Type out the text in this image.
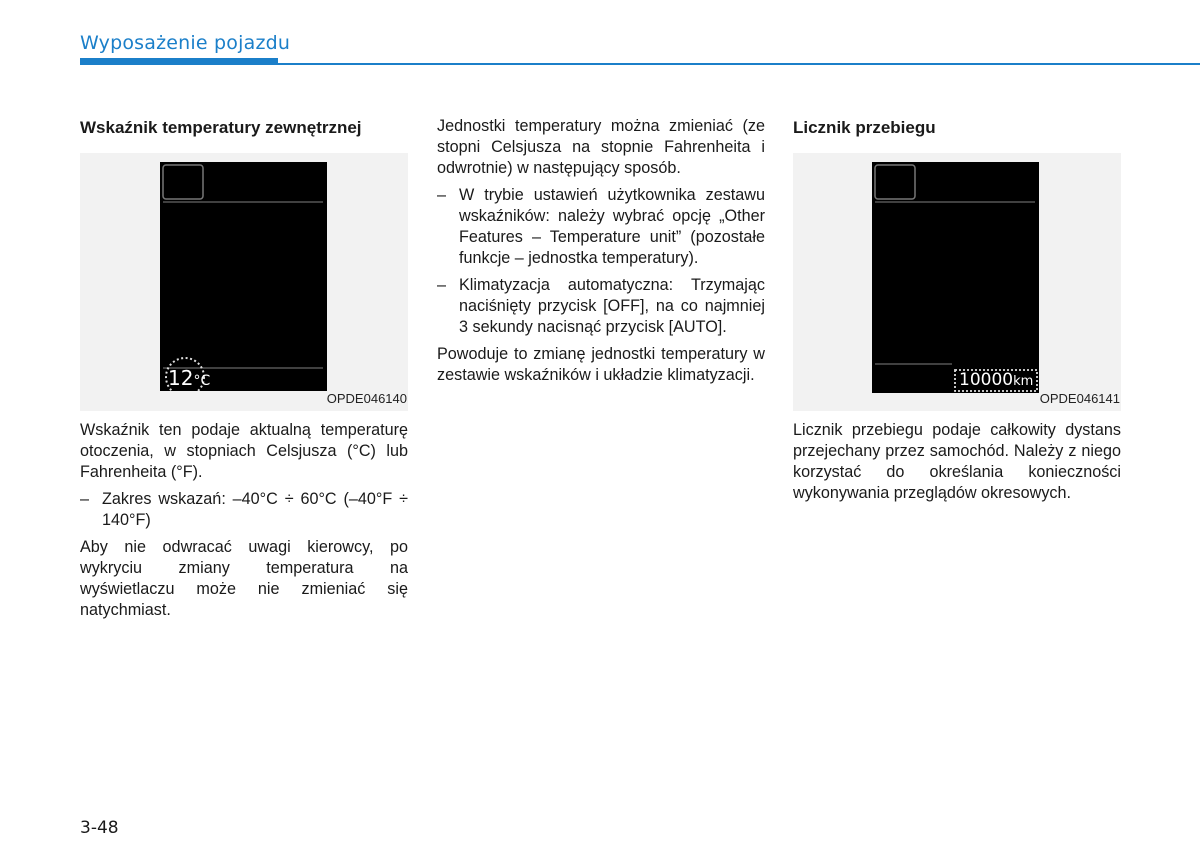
Wyposażenie pojazdu
Wskaźnik temperatury zewnętrznej
12°C
OPDE046140

Wskaźnik ten podaje aktualną temperaturę otoczenia, w stopniach Celsjusza (°C) lub Fahrenheita (°F).

– Zakres wskazań: –40°C ÷ 60°C (–40°F ÷ 140°F)

Aby nie odwracać uwagi kierowcy, po wykryciu zmiany temperatura na wyświetlaczu może nie zmieniać się natychmiast.

Jednostki temperatury można zmieniać (ze stopni Celsjusza na stopnie Fahrenheita i odwrotnie) w następujący sposób.

– W trybie ustawień użytkownika zestawu wskaźników: należy wybrać opcję „Other Features – Temperature unit” (pozostałe funkcje – jednostka temperatury).
– Klimatyzacja automatyczna: Trzymając naciśnięty przycisk [OFF], na co najmniej 3 sekundy nacisnąć przycisk [AUTO].

Powoduje to zmianę jednostki temperatury w zestawie wskaźników i układzie klimatyzacji.

Licznik przebiegu
10000km
OPDE046141

Licznik przebiegu podaje całkowity dystans przejechany przez samochód. Należy z niego korzystać do określania konieczności wykonywania przeglądów okresowych.

3-48
